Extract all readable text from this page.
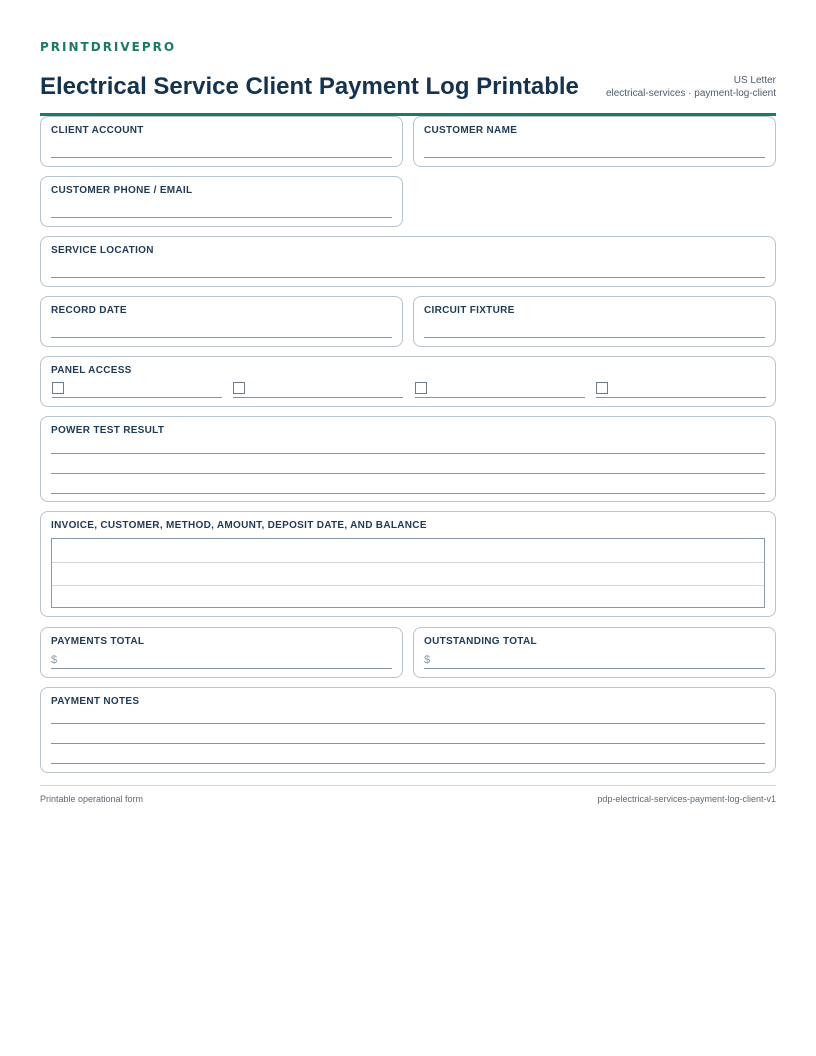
PRINTDRIVEPRO
Electrical Service Client Payment Log Printable	US Letter
electrical-services · payment-log-client
CLIENT ACCOUNT	CUSTOMER NAME
CUSTOMER PHONE / EMAIL
SERVICE LOCATION
RECORD DATE	CIRCUIT FIXTURE
PANEL ACCESS
POWER TEST RESULT
INVOICE, CUSTOMER, METHOD, AMOUNT, DEPOSIT DATE, AND BALANCE
PAYMENTS TOTAL
$
OUTSTANDING TOTAL
$
PAYMENT NOTES
Printable operational form	pdp-electrical-services-payment-log-client-v1
